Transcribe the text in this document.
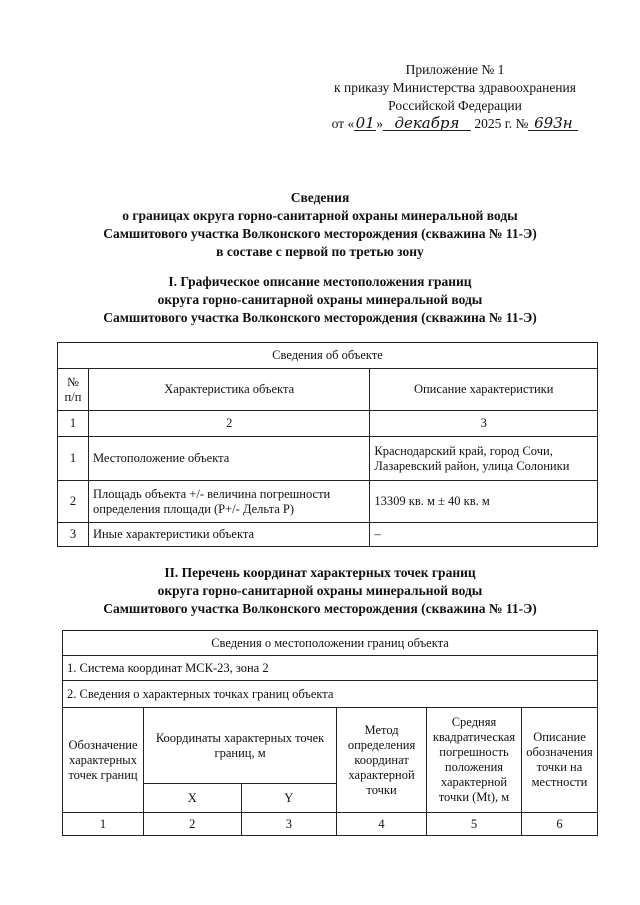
Приложение № 1
к приказу Министерства здравоохранения
Российской Федерации
от «01» декабря 2025 г. № 693н
Сведения
о границах округа горно-санитарной охраны минеральной воды
Самшитового участка Волконского месторождения (скважина № 11-Э)
в составе с первой по третью зону
I. Графическое описание местоположения границ
округа горно-санитарной охраны минеральной воды
Самшитового участка Волконского месторождения (скважина № 11-Э)
Сведения об объекте		
№ п/п	Характеристика объекта	Описание характеристики
1	2	3
1	Местоположение объекта	Краснодарский край, город Сочи, Лазаревский район, улица Солоники
2	Площадь объекта +/- величина погрешности определения площади (P+/- Дельта P)	13309 кв. м ± 40 кв. м
3	Иные характеристики объекта	–
II. Перечень координат характерных точек границ
округа горно-санитарной охраны минеральной воды
Самшитового участка Волконского месторождения (скважина № 11-Э)
Сведения о местоположении границ объекта					
1. Система координат МСК-23, зона 2					
2. Сведения о характерных точках границ объекта					
Обозначение характерных точек границ	Координаты характерных точек границ, м		Метод определения координат характерной точки	Средняя квадратическая погрешность положения характерной точки (Mt), м	Описание обозначения точки на местности
	X	Y			
1	2	3	4	5	6
